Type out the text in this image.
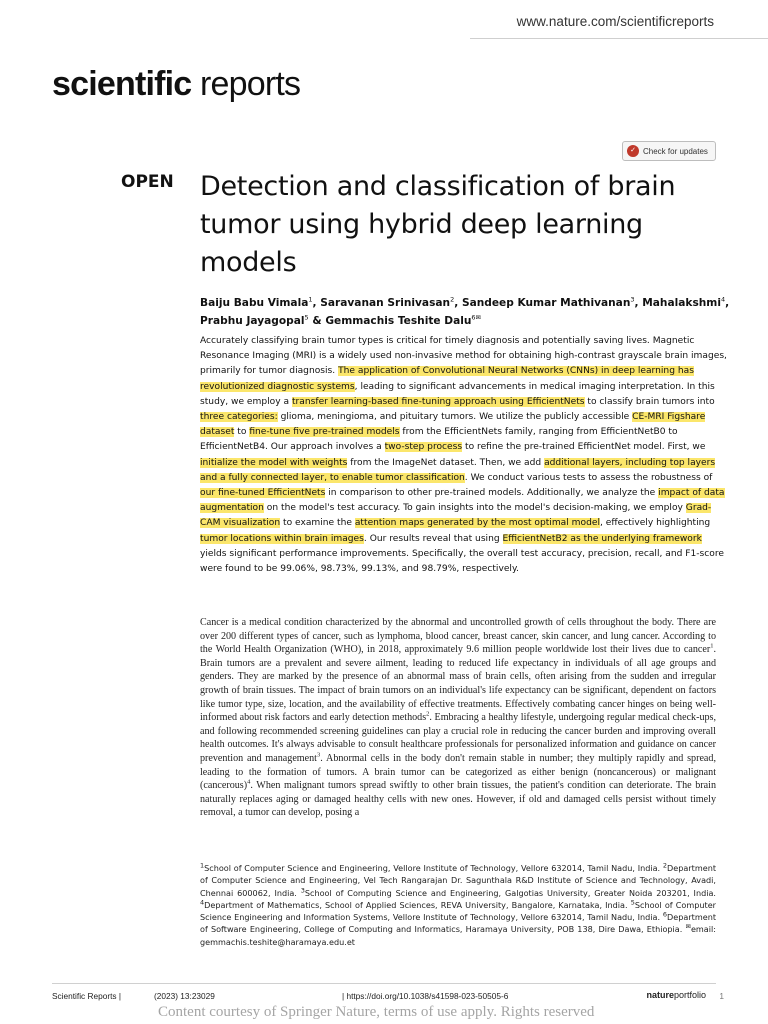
www.nature.com/scientificreports
scientific reports
✓ Check for updates
OPEN Detection and classification of brain tumor using hybrid deep learning models
Baiju Babu Vimala$^1$, Saravanan Srinivasan$^2$, Sandeep Kumar Mathivanan$^3$, Mahalakshmi$^4$, Prabhu Jayagopal$^5$ & Gemmachis Teshite Dalu$^{6✉}$
Accurately classifying brain tumor types is critical for timely diagnosis and potentially saving lives. Magnetic Resonance Imaging (MRI) is a widely used non-invasive method for obtaining high-contrast grayscale brain images, primarily for tumor diagnosis. The application of Convolutional Neural Networks (CNNs) in deep learning has revolutionized diagnostic systems, leading to significant advancements in medical imaging interpretation. In this study, we employ a transfer learning-based fine-tuning approach using EfficientNets to classify brain tumors into three categories: glioma, meningioma, and pituitary tumors. We utilize the publicly accessible CE-MRI Figshare dataset to fine-tune five pre-trained models from the EfficientNets family, ranging from EfficientNetB0 to EfficientNetB4. Our approach involves a two-step process to refine the pre-trained EfficientNet model. First, we initialize the model with weights from the ImageNet dataset. Then, we add additional layers, including top layers and a fully connected layer, to enable tumor classification. We conduct various tests to assess the robustness of our fine-tuned EfficientNets in comparison to other pre-trained models. Additionally, we analyze the impact of data augmentation on the model's test accuracy. To gain insights into the model's decision-making, we employ Grad-CAM visualization to examine the attention maps generated by the most optimal model, effectively highlighting tumor locations within brain images. Our results reveal that using EfficientNetB2 as the underlying framework yields significant performance improvements. Specifically, the overall test accuracy, precision, recall, and F1-score were found to be 99.06%, 98.73%, 99.13%, and 98.79%, respectively.

Cancer is a medical condition characterized by the abnormal and uncontrolled growth of cells throughout the body. There are over 200 different types of cancer, such as lymphoma, blood cancer, breast cancer, skin cancer, and lung cancer. According to the World Health Organization (WHO), in 2018, approximately 9.6 million people worldwide lost their lives due to cancer$^1$. Brain tumors are a prevalent and severe ailment, leading to reduced life expectancy in individuals of all age groups and genders. They are marked by the presence of an abnormal mass of brain cells, often arising from the sudden and irregular growth of brain tissues. The impact of brain tumors on an individual's life expectancy can be significant, dependent on factors like tumor type, size, location, and the availability of effective treatments. Effectively combating cancer hinges on being well-informed about risk factors and early detection methods$^2$. Embracing a healthy lifestyle, undergoing regular medical check-ups, and following recommended screening guidelines can play a crucial role in reducing the cancer burden and improving overall health outcomes. It's always advisable to consult healthcare professionals for personalized information and guidance on cancer prevention and management$^3$. Abnormal cells in the body don't remain stable in number; they multiply rapidly and spread, leading to the formation of tumors. A brain tumor can be categorized as either benign (noncancerous) or malignant (cancerous)$^4$. When malignant tumors spread swiftly to other brain tissues, the patient's condition can deteriorate. The brain naturally replaces aging or damaged healthy cells with new ones. However, if old and damaged cells persist without timely removal, a tumor can develop, posing a

$^1$School of Computer Science and Engineering, Vellore Institute of Technology, Vellore 632014, Tamil Nadu, India. $^2$Department of Computer Science and Engineering, Vel Tech Rangarajan Dr. Sagunthala R&D Institute of Science and Technology, Avadi, Chennai 600062, India. $^3$School of Computing Science and Engineering, Galgotias University, Greater Noida 203201, India. $^4$Department of Mathematics, School of Applied Sciences, REVA University, Bangalore, Karnataka, India. $^5$School of Computer Science Engineering and Information Systems, Vellore Institute of Technology, Vellore 632014, Tamil Nadu, India. $^6$Department of Software Engineering, College of Computing and Informatics, Haramaya University, POB 138, Dire Dawa, Ethiopia. ✉email: gemmachis.teshite@haramaya.edu.et

Scientific Reports |	(2023) 13:23029	| https://doi.org/10.1038/s41598-023-50505-6	natureportfolio 1
Content courtesy of Springer Nature, terms of use apply. Rights reserved
